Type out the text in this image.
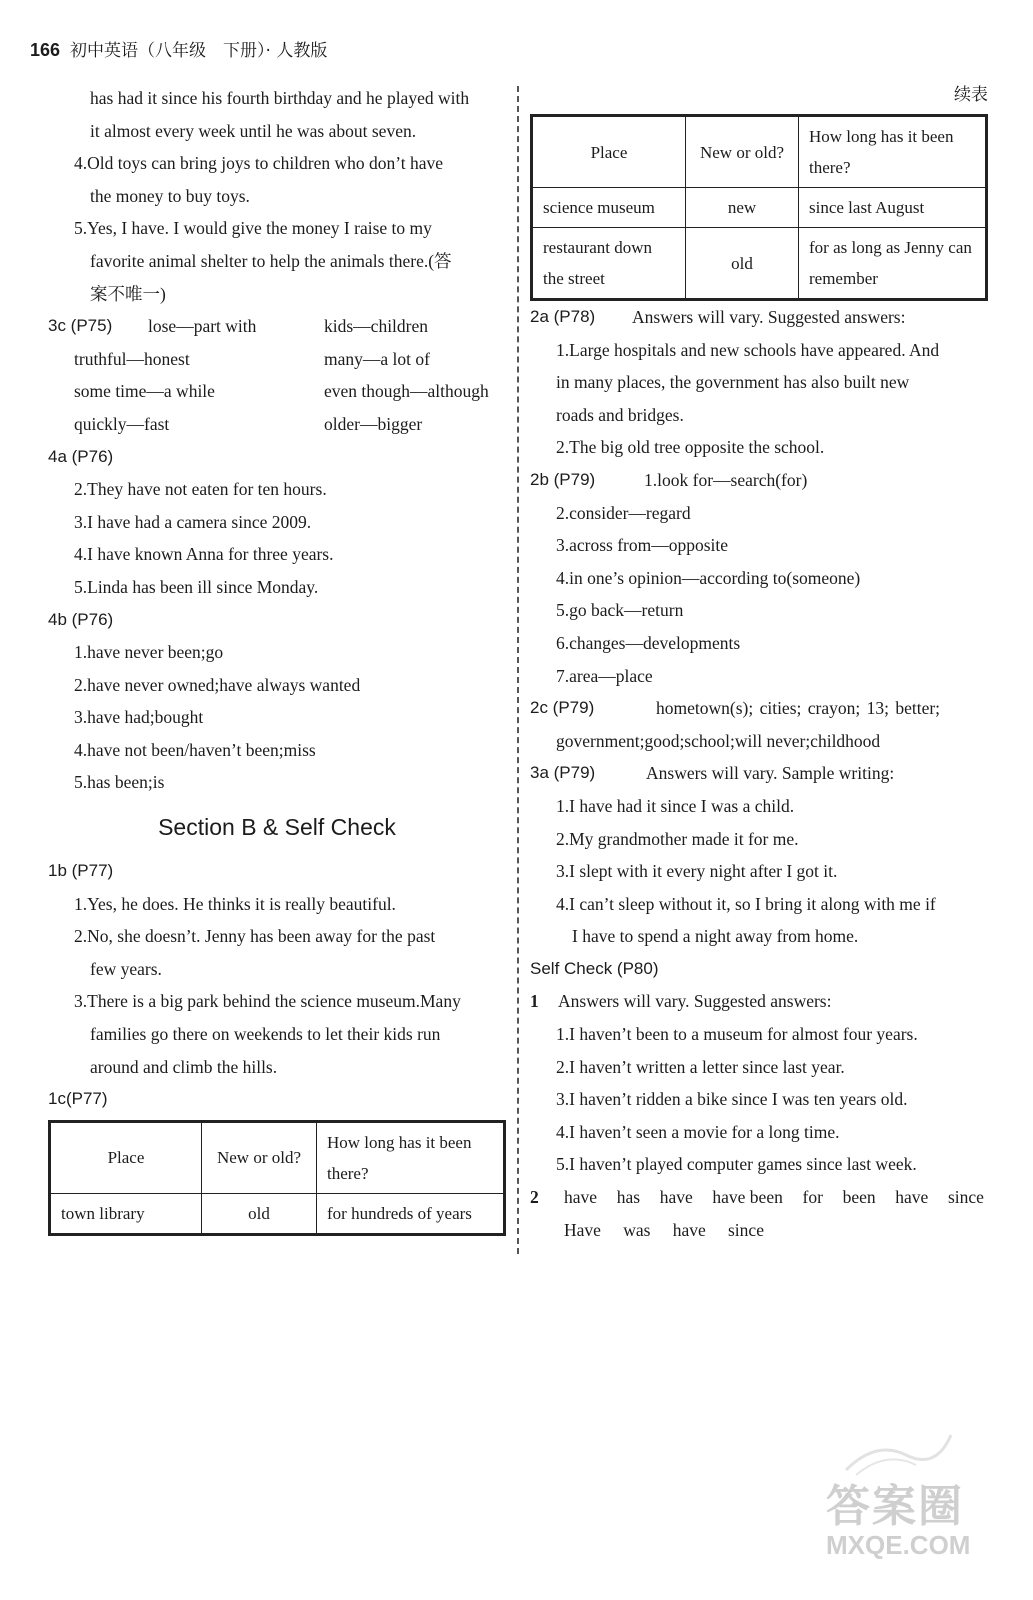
166 初中英语（八年级　下册）· 人教版
has had it since his fourth birthday and he played with
it almost every week until he was about seven.
4.Old toys can bring joys to children who don’t have
the money to buy toys.
5.Yes, I have. I would give the money I raise to my
favorite animal shelter to help the animals there.(答
案不唯一)
3c (P75)	lose—part with	kids—children
truthful—honest	many—a lot of
some time—a while	even though—although
quickly—fast	older—bigger
4a (P76)
2.They have not eaten for ten hours.
3.I have had a camera since 2009.
4.I have known Anna for three years.
5.Linda has been ill since Monday.
4b (P76)
1.have never been;go
2.have never owned;have always wanted
3.have had;bought
4.have not been/haven’t been;miss
5.has been;is
Section B & Self Check
1b (P77)
1.Yes, he does. He thinks it is really beautiful.
2.No, she doesn’t. Jenny has been away for the past
few years.
3.There is a big park behind the science museum.Many
families go there on weekends to let their kids run
around and climb the hills.
1c(P77)
Place	New or old?	How long has it been there?
town library	old	for hundreds of years
续表
Place	New or old?	How long has it been there?
science museum	new	since last August
restaurant down the street	old	for as long as Jenny can remember
2a (P78)	Answers will vary. Suggested answers:
1.Large hospitals and new schools have appeared. And
in many places, the government has also built new
roads and bridges.
2.The big old tree opposite the school.
2b (P79)	1.look for—search(for)
2.consider—regard
3.across from—opposite
4.in one’s opinion—according to(someone)
5.go back—return
6.changes—developments
7.area—place
2c (P79)	hometown(s); cities; crayon; 13; better;
government;good;school;will never;childhood
3a (P79)	Answers will vary. Sample writing:
1.I have had it since I was a child.
2.My grandmother made it for me.
3.I slept with it every night after I got it.
4.I can’t sleep without it, so I bring it along with me if
I have to spend a night away from home.
Self Check (P80)
1	Answers will vary. Suggested answers:
1.I haven’t been to a museum for almost four years.
2.I haven’t written a letter since last year.
3.I haven’t ridden a bike since I was ten years old.
4.I haven’t seen a movie for a long time.
5.I haven’t played computer games since last week.
2	have has have have been for been have since
Have was have since
答案圈
MXQE.COM
